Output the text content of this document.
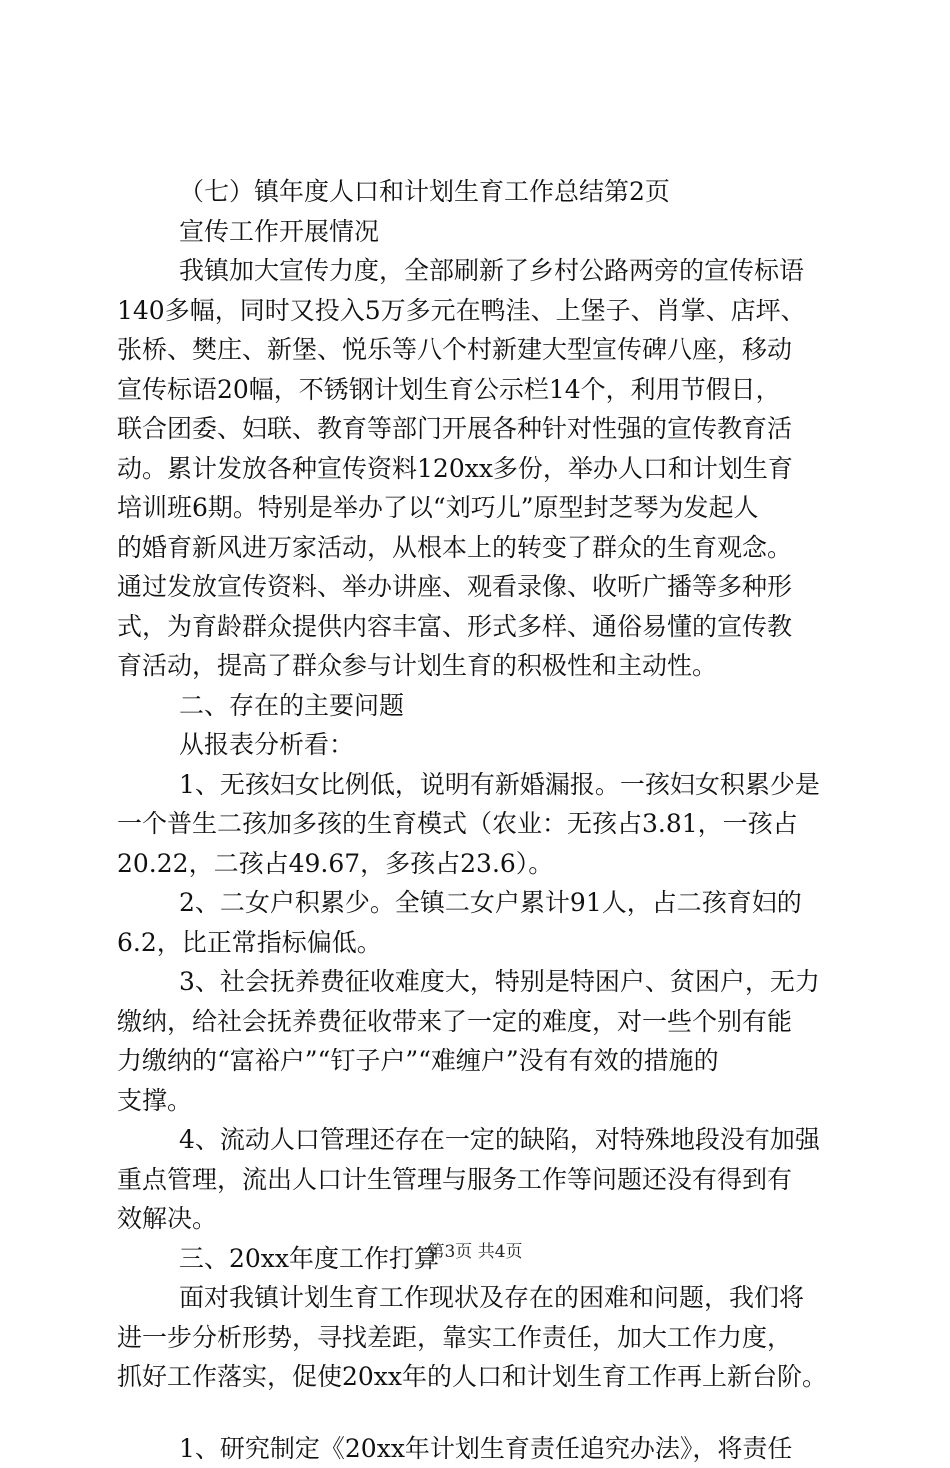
（七）镇年度人口和计划生育工作总结第2页
宣传工作开展情况
我镇加大宣传力度，全部刷新了乡村公路两旁的宣传标语
140多幅，同时又投入5万多元在鸭洼、上堡子、肖掌、店坪、
张桥、樊庄、新堡、悦乐等八个村新建大型宣传碑八座，移动
宣传标语20幅，不锈钢计划生育公示栏14个，利用节假日，
联合团委、妇联、教育等部门开展各种针对性强的宣传教育活
动。累计发放各种宣传资料120xx多份，举办人口和计划生育
培训班6期。特别是举办了以“刘巧儿”原型封芝琴为发起人
的婚育新风进万家活动，从根本上的转变了群众的生育观念。
通过发放宣传资料、举办讲座、观看录像、收听广播等多种形
式，为育龄群众提供内容丰富、形式多样、通俗易懂的宣传教
育活动，提高了群众参与计划生育的积极性和主动性。
二、存在的主要问题
从报表分析看：
1、无孩妇女比例低，说明有新婚漏报。一孩妇女积累少是
一个普生二孩加多孩的生育模式（农业：无孩占3.81，一孩占
20.22，二孩占49.67，多孩占23.6）。
2、二女户积累少。全镇二女户累计91人，占二孩育妇的
6.2，比正常指标偏低。
3、社会抚养费征收难度大，特别是特困户、贫困户，无力
缴纳，给社会抚养费征收带来了一定的难度，对一些个别有能
力缴纳的“富裕户”“钉子户”“难缠户”没有有效的措施的
支撑。
4、流动人口管理还存在一定的缺陷，对特殊地段没有加强
重点管理，流出人口计生管理与服务工作等问题还没有得到有
效解决。
三、20xx年度工作打算
面对我镇计划生育工作现状及存在的困难和问题，我们将
进一步分析形势，寻找差距，靠实工作责任，加大工作力度，
抓好工作落实，促使20xx年的人口和计划生育工作再上新台阶。
1、研究制定《20xx年计划生育责任追究办法》，将责任
第3页 共4页
